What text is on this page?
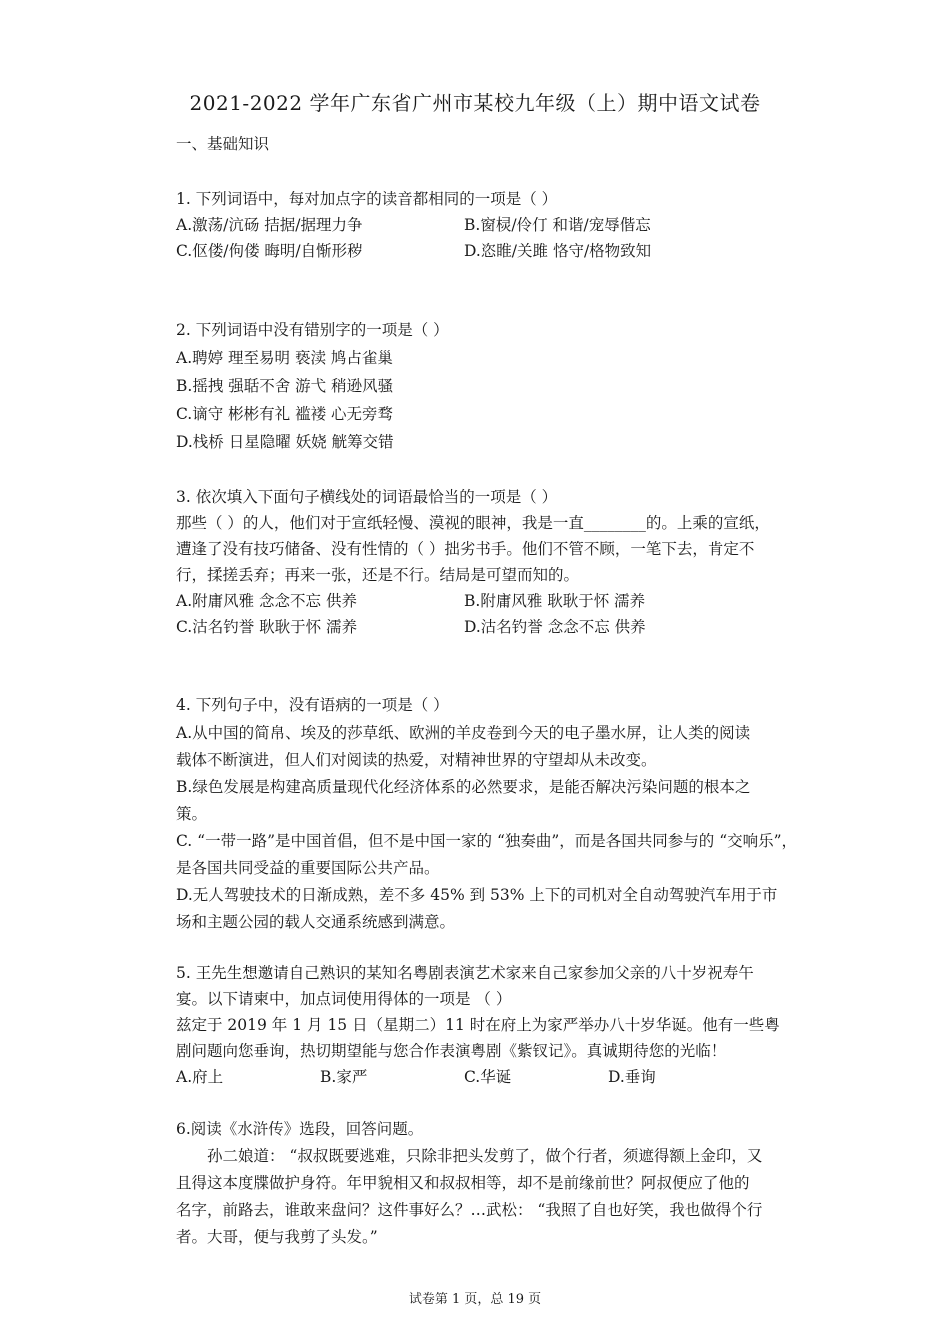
2021-2022 学年广东省广州市某校九年级（上）期中语文试卷
一、基础知识
1. 下列词语中，每对加点字的读音都相同的一项是（ ）
A.激荡/沆砀 拮据/据理力争	B.窗棂/伶仃 和谐/宠辱偕忘
C.伛偻/佝偻 晦明/自惭形秽	D.恣睢/关雎 恪守/格物致知
2. 下列词语中没有错别字的一项是（ ）
A.聘婷 理至易明 亵渎 鸠占雀巢
B.摇拽 强聒不舍 游弋 稍逊风骚
C.谪守 彬彬有礼 褴褛 心无旁骛
D.栈桥 日星隐曜 妖娆 觥筹交错
3. 依次填入下面句子横线处的词语最恰当的一项是（ ）
那些（ ）的人，他们对于宣纸轻慢、漠视的眼神，我是一直________的。上乘的宣纸，
遭逢了没有技巧储备、没有性情的（ ）拙劣书手。他们不管不顾，一笔下去，肯定不
行，揉搓丢弃；再来一张，还是不行。结局是可望而知的。
A.附庸风雅 念念不忘 供养	B.附庸风雅 耿耿于怀 濡养
C.沽名钓誉 耿耿于怀 濡养	D.沽名钓誉 念念不忘 供养
4. 下列句子中，没有语病的一项是（ ）
A.从中国的简帛、埃及的莎草纸、欧洲的羊皮卷到今天的电子墨水屏，让人类的阅读
载体不断演进，但人们对阅读的热爱，对精神世界的守望却从未改变。
B.绿色发展是构建高质量现代化经济体系的必然要求，是能否解决污染问题的根本之
策。
C. “一带一路”是中国首倡，但不是中国一家的 “独奏曲”，而是各国共同参与的 “交响乐”，
是各国共同受益的重要国际公共产品。
D.无人驾驶技术的日渐成熟，差不多 45% 到 53% 上下的司机对全自动驾驶汽车用于市
场和主题公园的载人交通系统感到满意。
5. 王先生想邀请自己熟识的某知名粤剧表演艺术家来自己家参加父亲的八十岁祝寿午
宴。以下请柬中，加点词使用得体的一项是 （ ）
兹定于 2019 年 1 月 15 日（星期二）11 时在府上为家严举办八十岁华诞。他有一些粤
剧问题向您垂询，热切期望能与您合作表演粤剧《紫钗记》。真诚期待您的光临！
A.府上	B.家严	C.华诞	D.垂询
6.阅读《水浒传》选段，回答问题。
孙二娘道： “叔叔既要逃难，只除非把头发剪了，做个行者，须遮得额上金印，又
且得这本度牒做护身符。年甲貌相又和叔叔相等，却不是前缘前世？阿叔便应了他的
名字，前路去，谁敢来盘问？这件事好么？…武松： “我照了自也好笑，我也做得个行
者。大哥，便与我剪了头发。”
试卷第 1 页，总 19 页
